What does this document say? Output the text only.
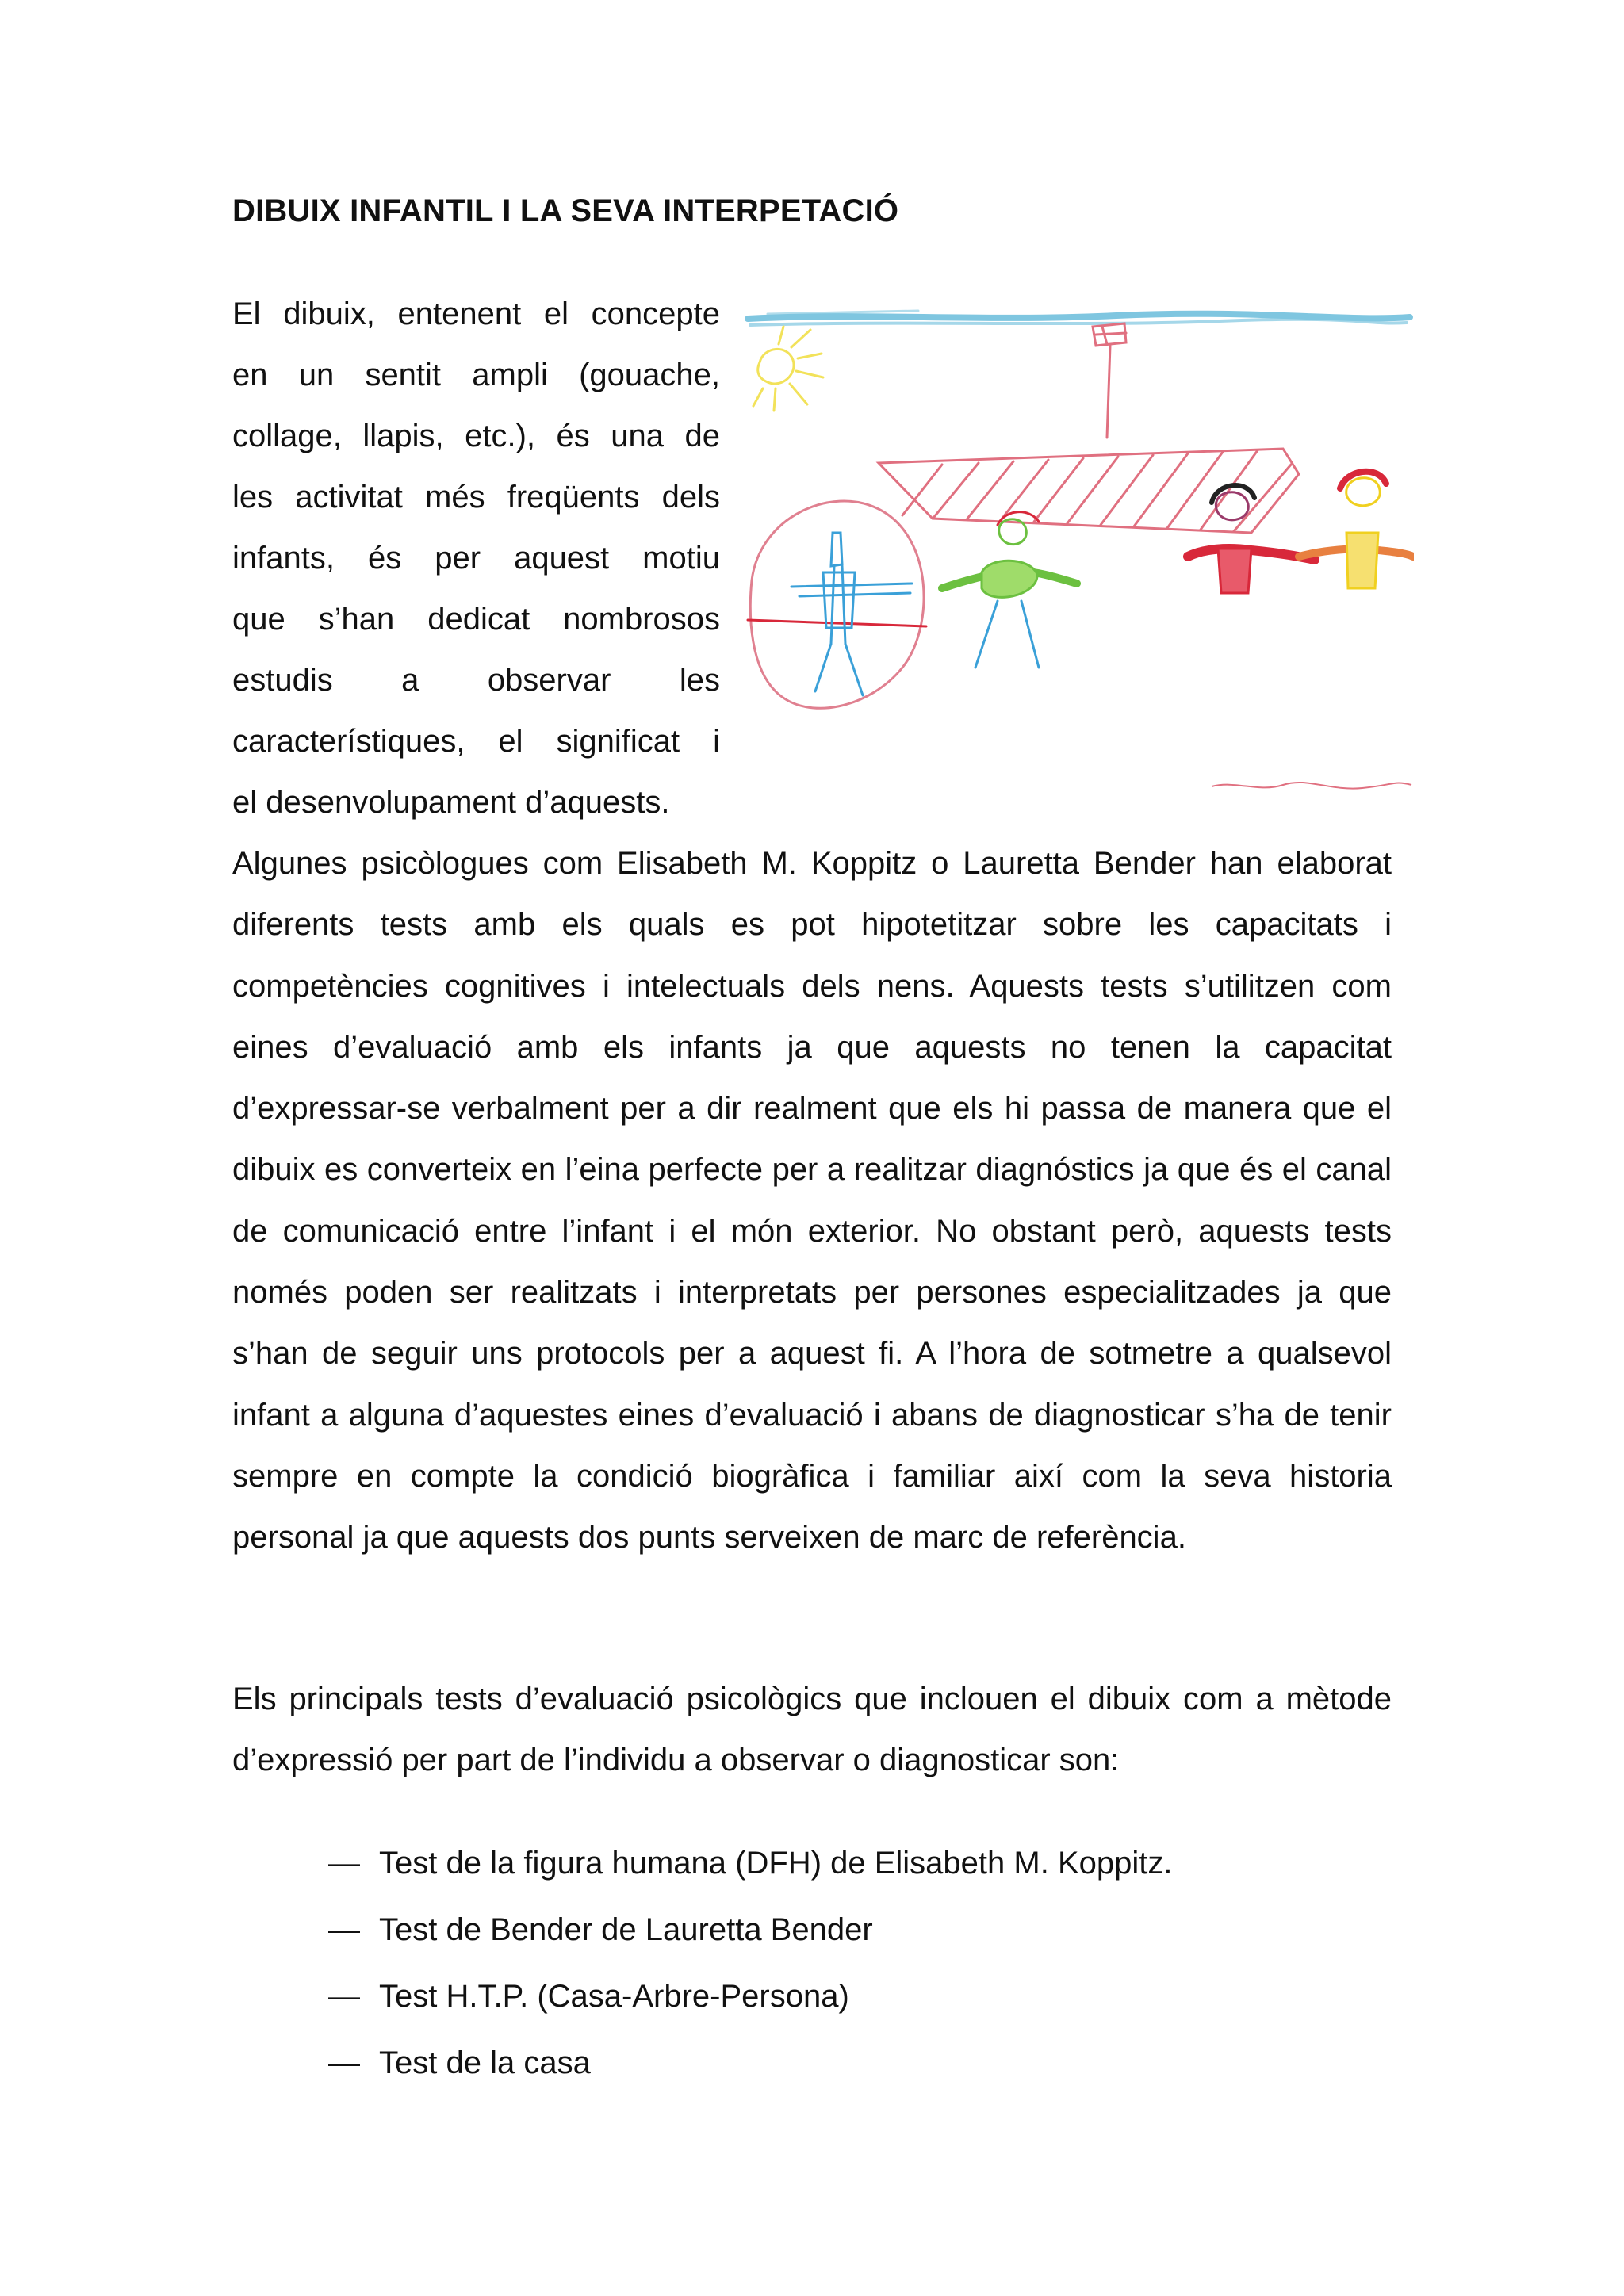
DIBUIX INFANTIL I LA SEVA INTERPETACIÓ
El dibuix, entenent el concepte
en un sentit ampli (gouache,
collage, llapis, etc.), és una de
les activitat més freqüents dels
infants, és per aquest motiu
que s’han dedicat nombrosos
estudis a observar les
característiques, el significat i
el desenvolupament d’aquests.

Algunes psicòlogues com Elisabeth M. Koppitz o Lauretta Bender han elaborat diferents tests amb els quals es pot hipotetitzar sobre les capacitats i competències cognitives i intelectuals dels nens. Aquests tests s’utilitzen com eines d’evaluació amb els infants ja que aquests no tenen la capacitat d’expressar-se verbalment per a dir realment que els hi passa de manera que el dibuix es converteix en l’eina perfecte per a realitzar diagnóstics ja que és el canal de comunicació entre l’infant i el món exterior. No obstant però, aquests tests només poden ser realitzats i interpretats per persones especialitzades ja que s’han de seguir uns protocols per a aquest fi. A l’hora de sotmetre a qualsevol infant a alguna d’aquestes eines d’evaluació i abans de diagnosticar s’ha de tenir sempre en compte la condició biogràfica i familiar així com la seva historia personal ja que aquests dos punts serveixen de marc de referència.

Els principals tests d’evaluació psicològics que inclouen el dibuix com a mètode d’expressió per part de l’individu a observar o diagnosticar son:

— Test de la figura humana (DFH) de Elisabeth M. Koppitz.
— Test de Bender de Lauretta Bender
— Test H.T.P. (Casa-Arbre-Persona)
— Test de la casa
